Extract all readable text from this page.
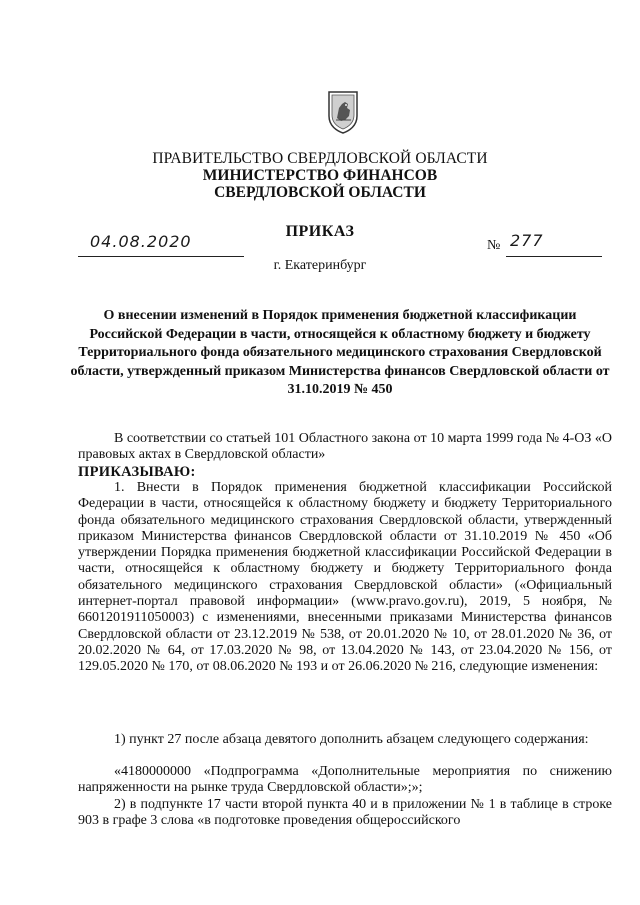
ПРАВИТЕЛЬСТВО СВЕРДЛОВСКОЙ ОБЛАСТИ
МИНИСТЕРСТВО ФИНАНСОВ
СВЕРДЛОВСКОЙ ОБЛАСТИ
ПРИКАЗ
04.08.2020	№ 277
г. Екатеринбург
О внесении изменений в Порядок применения бюджетной классификации Российской Федерации в части, относящейся к областному бюджету и бюджету Территориального фонда обязательного медицинского страхования Свердловской области, утвержденный приказом Министерства финансов Свердловской области от 31.10.2019 № 450
В соответствии со статьей 101 Областного закона от 10 марта 1999 года № 4-ОЗ «О правовых актах в Свердловской области»
ПРИКАЗЫВАЮ:
1. Внести в Порядок применения бюджетной классификации Российской Федерации в части, относящейся к областному бюджету и бюджету Территориального фонда обязательного медицинского страхования Свердловской области, утвержденный приказом Министерства финансов Свердловской области от 31.10.2019 № 450 «Об утверждении Порядка применения бюджетной классификации Российской Федерации в части, относящейся к областному бюджету и бюджету Территориального фонда обязательного медицинского страхования Свердловской области» («Официальный интернет-портал правовой информации» (www.pravo.gov.ru), 2019, 5 ноября, № 6601201911050003) с изменениями, внесенными приказами Министерства финансов Свердловской области от 23.12.2019 № 538, от 20.01.2020 № 10, от 28.01.2020 № 36, от 20.02.2020 № 64, от 17.03.2020 № 98, от 13.04.2020 № 143, от 23.04.2020 № 156, от 129.05.2020 № 170, от 08.06.2020 № 193 и от 26.06.2020 № 216, следующие изменения:
1) пункт 27 после абзаца девятого дополнить абзацем следующего содержания:
«4180000000 «Подпрограмма «Дополнительные мероприятия по снижению напряженности на рынке труда Свердловской области»;»;
2) в подпункте 17 части второй пункта 40 и в приложении № 1 в таблице в строке 903 в графе 3 слова «в подготовке проведения общероссийского
